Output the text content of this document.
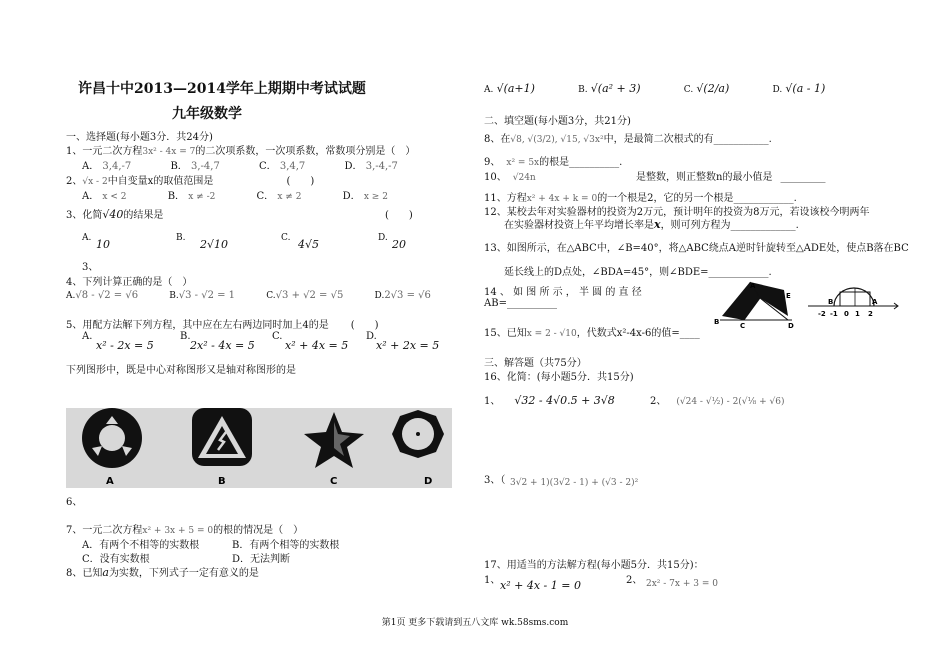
许昌十中2013—2014学年上期期中考试试题
九年级数学
一、选择题(每小题3分．共24分)
1、一元二次方程3x² - 4x = 7的二次项系数，一次项系数，常数项分别是（　）
A． 3,4,-7	B． 3,-4,7	C． 3,4,7	D． 3,-4,-7
2、√x - 2中自变量x的取值范围是	(　　)
A． x < 2	B． x ≠ -2	C． x ≠ 2	D． x ≥ 2
3、化简√40的结果是	(　　)
A. 10	B. 2√10	C. 4√5	D. 20
3、
4、下列计算正确的是（　）
A.√8 - √2 = √6	B.√3 - √2 = 1	C.√3 + √2 = √5	D.2√3 = √6
5、用配方法解下列方程，其中应在左右两边同时加上4的是 (　　)
A.
x² - 2x = 5
B.
2x² - 4x = 5
C.
x² + 4x = 5
D.
x² + 2x = 5
下列图形中，既是中心对称图形又是轴对称图形的是
A	B	C	D
6、
7、一元二次方程x² + 3x + 5 = 0的根的情况是（　）
A．有两个不相等的实数根	B．有两个相等的实数根
C．没有实数根	D．无法判断
8、已知a为实数，下列式子一定有意义的是
A. √(a+1)	B. √(a² + 3)	C. √(2/a)	D. √(a - 1)
二、填空题(每小题3分，共21分)
8、在√8, √(3/2), √15, √3x²中，是最简二次根式的有___________.
9、 x² = 5x的根是__________.
10、 √24n	是整数，则正整数n的最小值是 _________
11、方程x² + 4x + k = 0的一个根是2，它的另一个根是____________.
12、某校去年对实验器材的投资为2万元，预计明年的投资为8万元，若设该校今明两年
在实验器材投资上年平均增长率是x，则可列方程为_____________.
13、如图所示，在△ABC中，∠B=40°，将△ABC绕点A逆时针旋转至△ADE处，使点B落在BC
延长线上的D点处，∠BDA=45°，则∠BDE=____________.
14 、 如 图 所 示 ， 半 圆 的 直 径
AB=__________
A
E
B	C	D
B	A
-2 -1 0 1 2
15、已知x = 2 - √10，代数式x²-4x-6的值=____
三、解答题（共75分）
16、化简：(每小题5分．共15分)
1、 √32 - 4√0.5 + 3√8	2、 (√24 - √½) - 2(√⅛ + √6)
3、（ 3√2 + 1)(3√2 - 1) + (√3 - 2)²
17、用适当的方法解方程(每小题5分．共15分)：
1、 x² + 4x - 1 = 0	2、 2x² - 7x + 3 = 0
第1页 更多下载请到五八文库 wk.58sms.com
